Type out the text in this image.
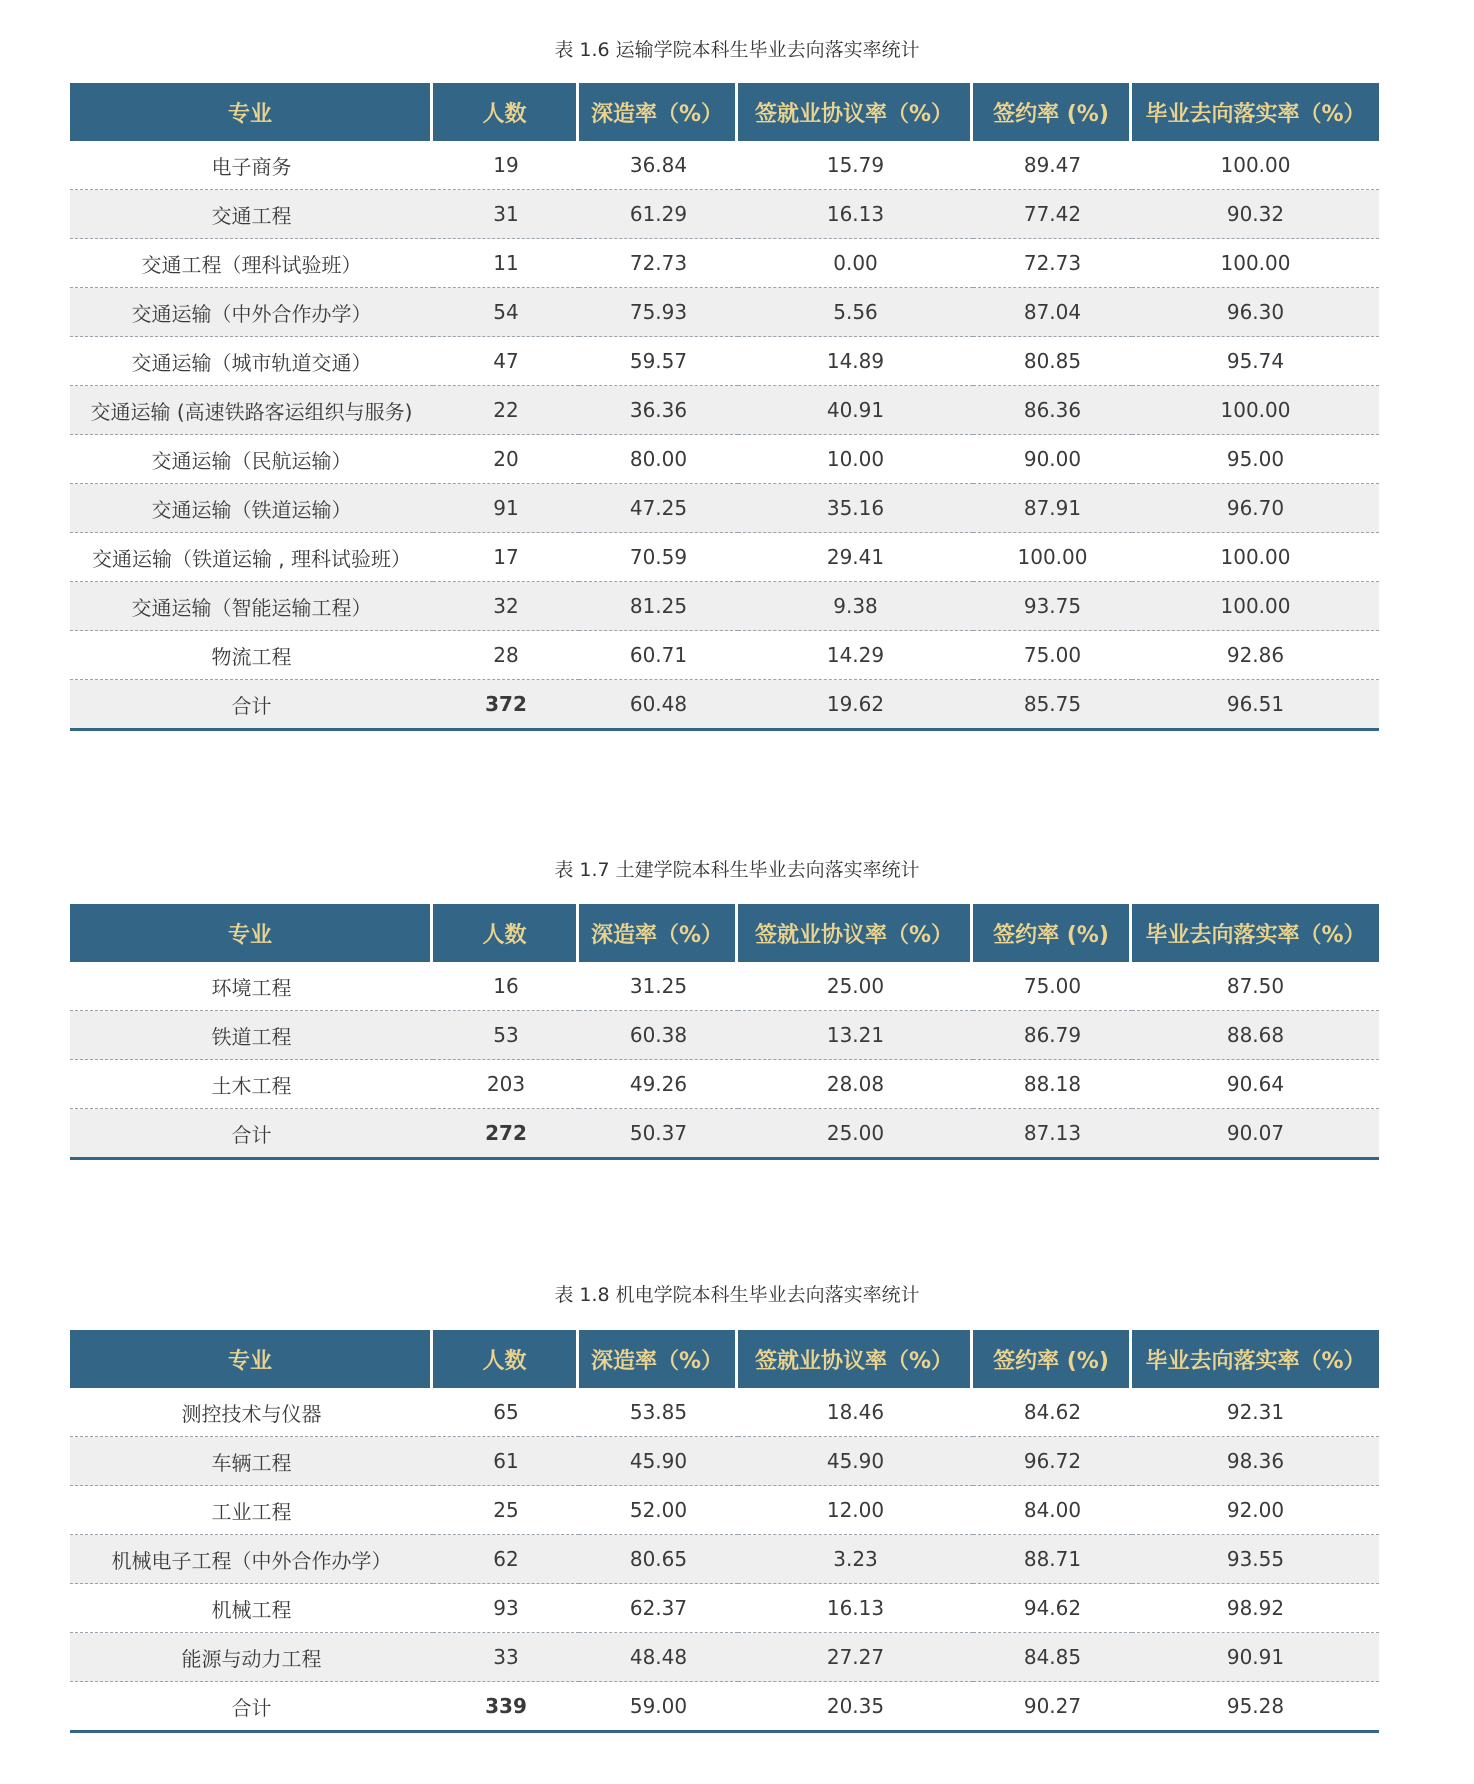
表 1.6 运输学院本科生毕业去向落实率统计
专业	人数	深造率（%）	签就业协议率（%）	签约率 (%)	毕业去向落实率（%）
电子商务	19	36.84	15.79	89.47	100.00
交通工程	31	61.29	16.13	77.42	90.32
交通工程（理科试验班）	11	72.73	0.00	72.73	100.00
交通运输（中外合作办学）	54	75.93	5.56	87.04	96.30
交通运输（城市轨道交通）	47	59.57	14.89	80.85	95.74
交通运输 (高速铁路客运组织与服务)	22	36.36	40.91	86.36	100.00
交通运输（民航运输）	20	80.00	10.00	90.00	95.00
交通运输（铁道运输）	91	47.25	35.16	87.91	96.70
交通运输（铁道运输 , 理科试验班）	17	70.59	29.41	100.00	100.00
交通运输（智能运输工程）	32	81.25	9.38	93.75	100.00
物流工程	28	60.71	14.29	75.00	92.86
合计	372	60.48	19.62	85.75	96.51
表 1.7 土建学院本科生毕业去向落实率统计
专业	人数	深造率（%）	签就业协议率（%）	签约率 (%)	毕业去向落实率（%）
环境工程	16	31.25	25.00	75.00	87.50
铁道工程	53	60.38	13.21	86.79	88.68
土木工程	203	49.26	28.08	88.18	90.64
合计	272	50.37	25.00	87.13	90.07
表 1.8 机电学院本科生毕业去向落实率统计
专业	人数	深造率（%）	签就业协议率（%）	签约率 (%)	毕业去向落实率（%）
测控技术与仪器	65	53.85	18.46	84.62	92.31
车辆工程	61	45.90	45.90	96.72	98.36
工业工程	25	52.00	12.00	84.00	92.00
机械电子工程（中外合作办学）	62	80.65	3.23	88.71	93.55
机械工程	93	62.37	16.13	94.62	98.92
能源与动力工程	33	48.48	27.27	84.85	90.91
合计	339	59.00	20.35	90.27	95.28
